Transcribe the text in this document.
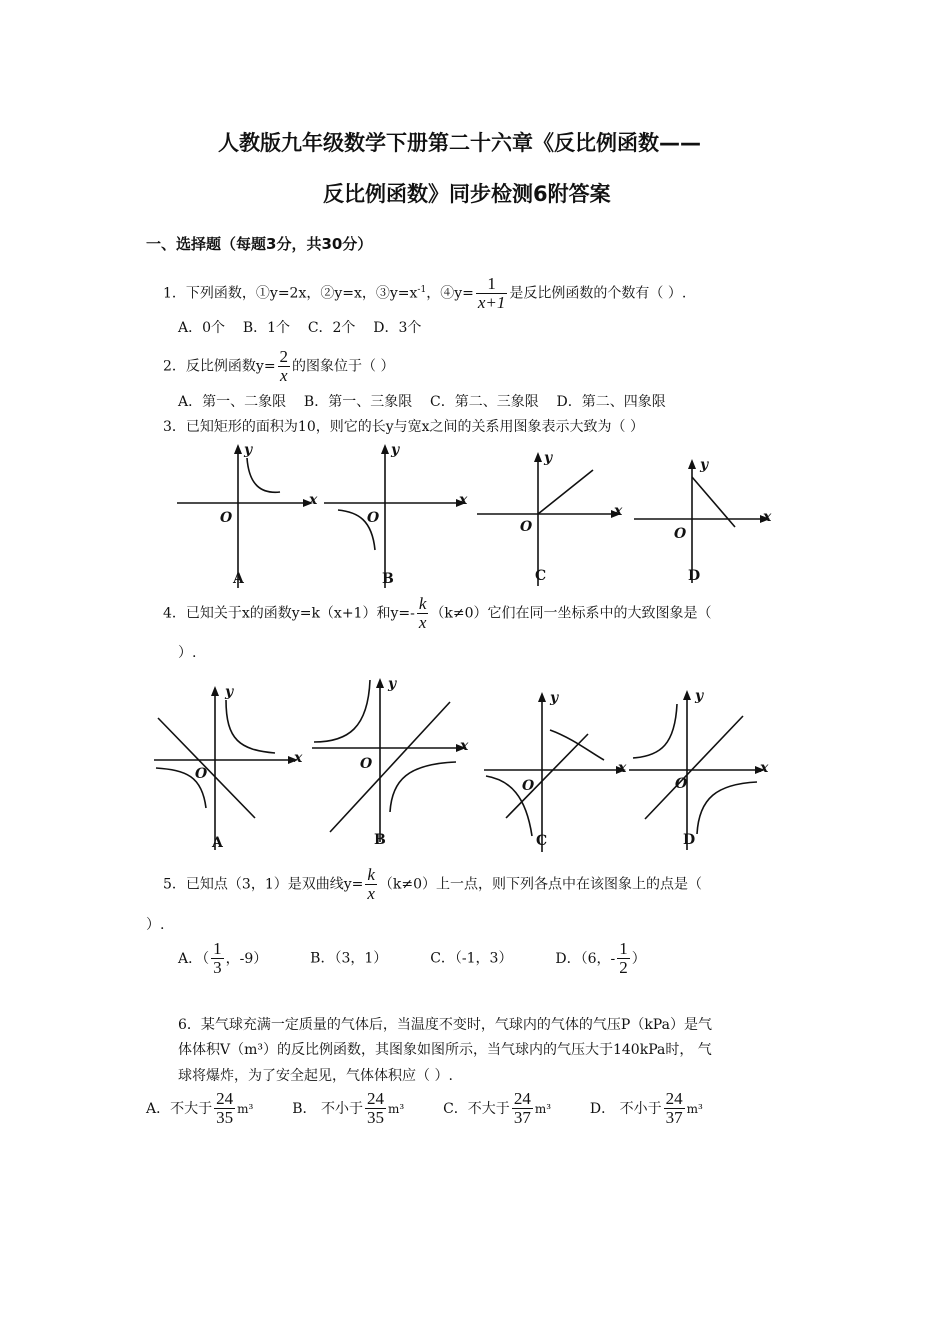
人教版九年级数学下册第二十六章《反比例函数——
反比例函数》同步检测6附答案
一、选择题（每题3分，共30分）
1．下列函数，①y=2x，②y=x，$③y=x^{-1}$，④y= $\frac{1}{x+1}$ 是反比例函数的个数有（ ）.
A．0个    B．1个    C．2个    D．3个
2．反比例函数$y= \frac{2}{x}$ 的图象位于（ ）
A．第一、二象限    B．第一、三象限    C．第二、三象限    D．第二、四象限
3．已知矩形的面积为10，则它的长y与宽x之间的关系用图象表示大致为（ ）
y
x
O
A
y
x
O
B
y
x
O
C
y
x
O
D
4．已知关于x的函数y=k（x+1）和$y=- \frac{k}{x} (k\ne 0)$它们在同一坐标系中的大致图象是（
）.
y
x
O
A
y
x
O
B
y
x
O
C
y
x
O
D
5．已知点（3，1）是双曲线$y= \frac{k}{x} (k\ne 0)$上一点，则下列各点中在该图象上的点是（
）.
A．（ $\frac{1}{3}$ ，-9）	B．（3，1）	C．（-1，3）	D．（6，- $\frac{1}{2}$ ）
6．某气球充满一定质量的气体后，当温度不变时，气球内的气体的气压P（kPa）是气
体体积V（m³）的反比例函数，其图象如图所示，当气球内的气压大于140kPa时， 气
球将爆炸，为了安全起见，气体体积应（ ）.
A．不大于 $\frac{24}{35} m^3$	B． 不小于 $\frac{24}{35} m^3$	C．不大于 $\frac{24}{37} m^3$	D． 不小于 $\frac{24}{37} m^3$
